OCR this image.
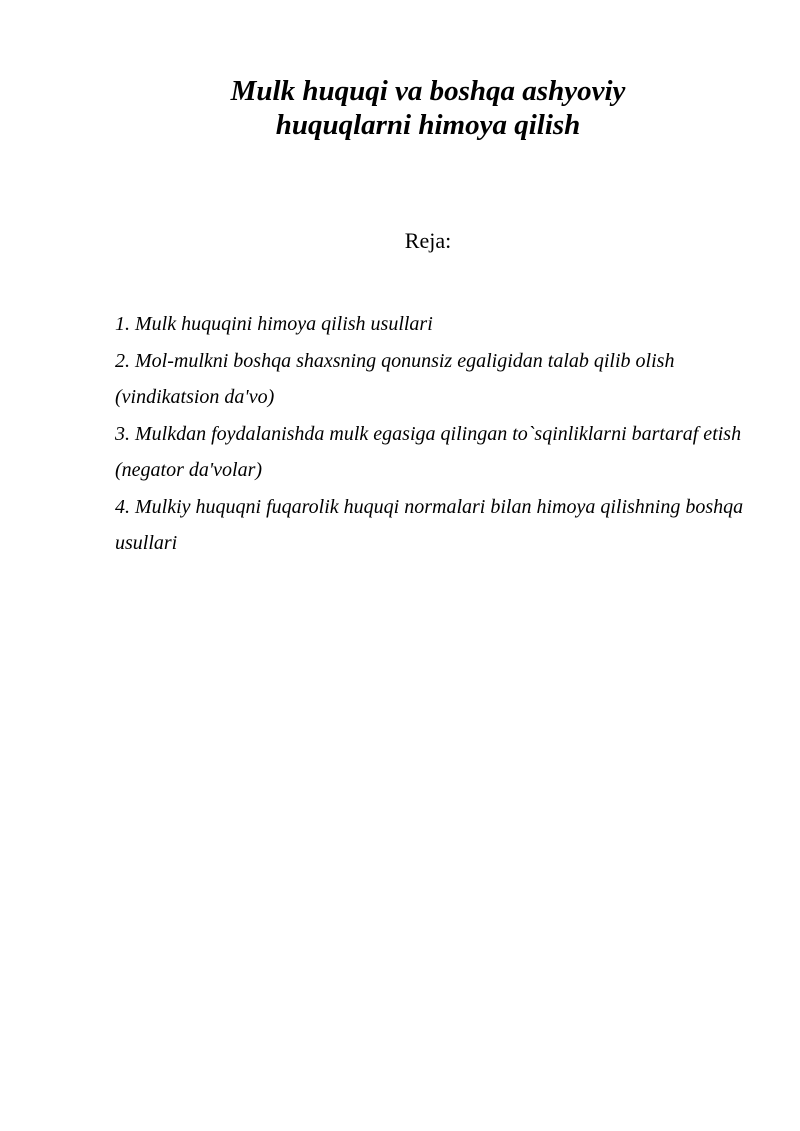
Mulk huquqi va boshqa ashyoviy
huquqlarni himoya qilish

Reja:

1. Mulk huquqini himoya qilish usullari
2. Mol-mulkni boshqa shaxsning qonunsiz egaligidan talab qilib olish (vindikatsion da'vo)
3. Mulkdan foydalanishda mulk egasiga qilingan to`sqinliklarni bartaraf etish (negator da'volar)
4. Mulkiy huquqni fuqarolik huquqi normalari bilan himoya qilishning boshqa usullari
